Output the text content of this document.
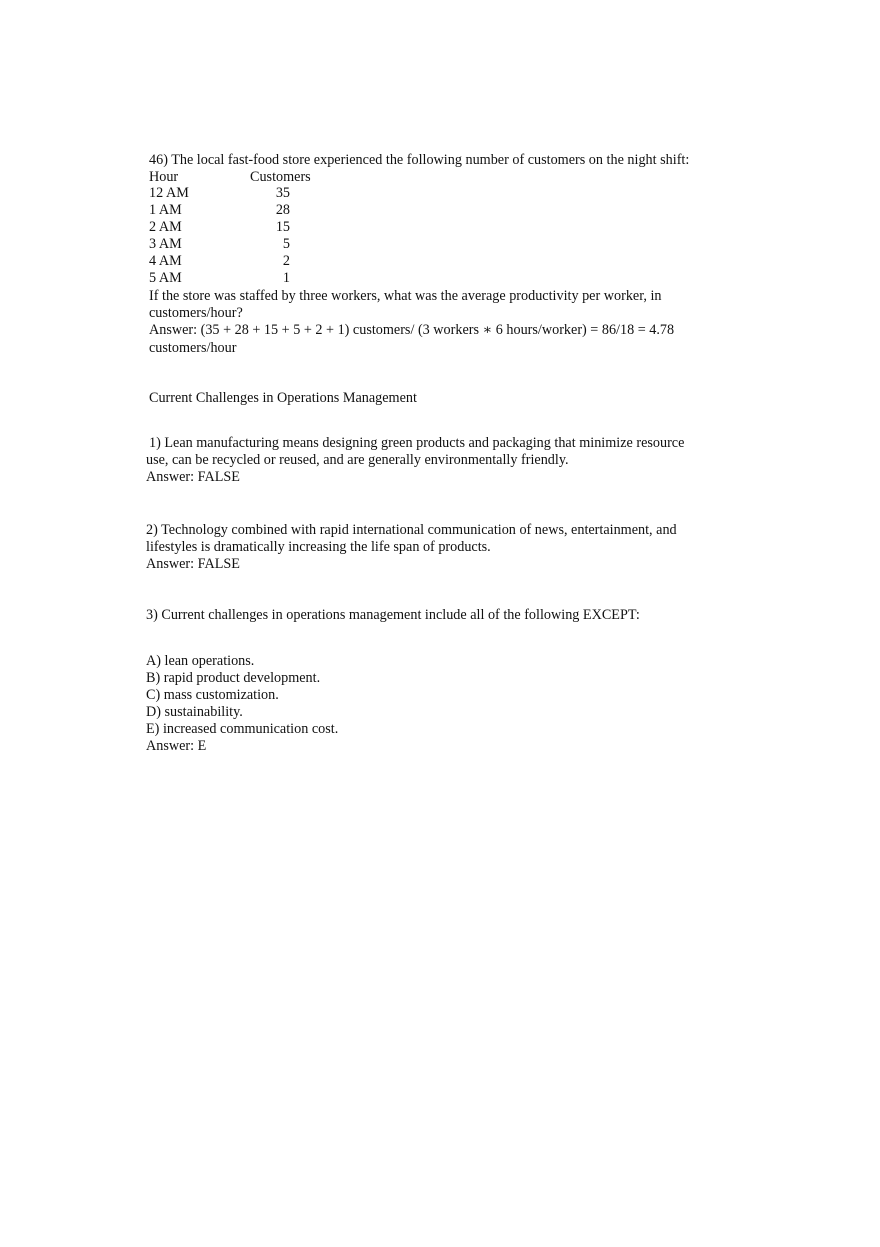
46) The local fast-food store experienced the following number of customers on the night shift:
Hour	Customers
12 AM	35
1 AM	28
2 AM	15
3 AM	5
4 AM	2
5 AM	1
If the store was staffed by three workers, what was the average productivity per worker, in
customers/hour?
Answer: (35 + 28 + 15 + 5 + 2 + 1) customers/ (3 workers ∗ 6 hours/worker) = 86/18 = 4.78
customers/hour
Current Challenges in Operations Management
1) Lean manufacturing means designing green products and packaging that minimize resource
use, can be recycled or reused, and are generally environmentally friendly.
Answer: FALSE
2) Technology combined with rapid international communication of news, entertainment, and
lifestyles is dramatically increasing the life span of products.
Answer: FALSE
3) Current challenges in operations management include all of the following EXCEPT:
A) lean operations.
B) rapid product development.
C) mass customization.
D) sustainability.
E) increased communication cost.
Answer: E
